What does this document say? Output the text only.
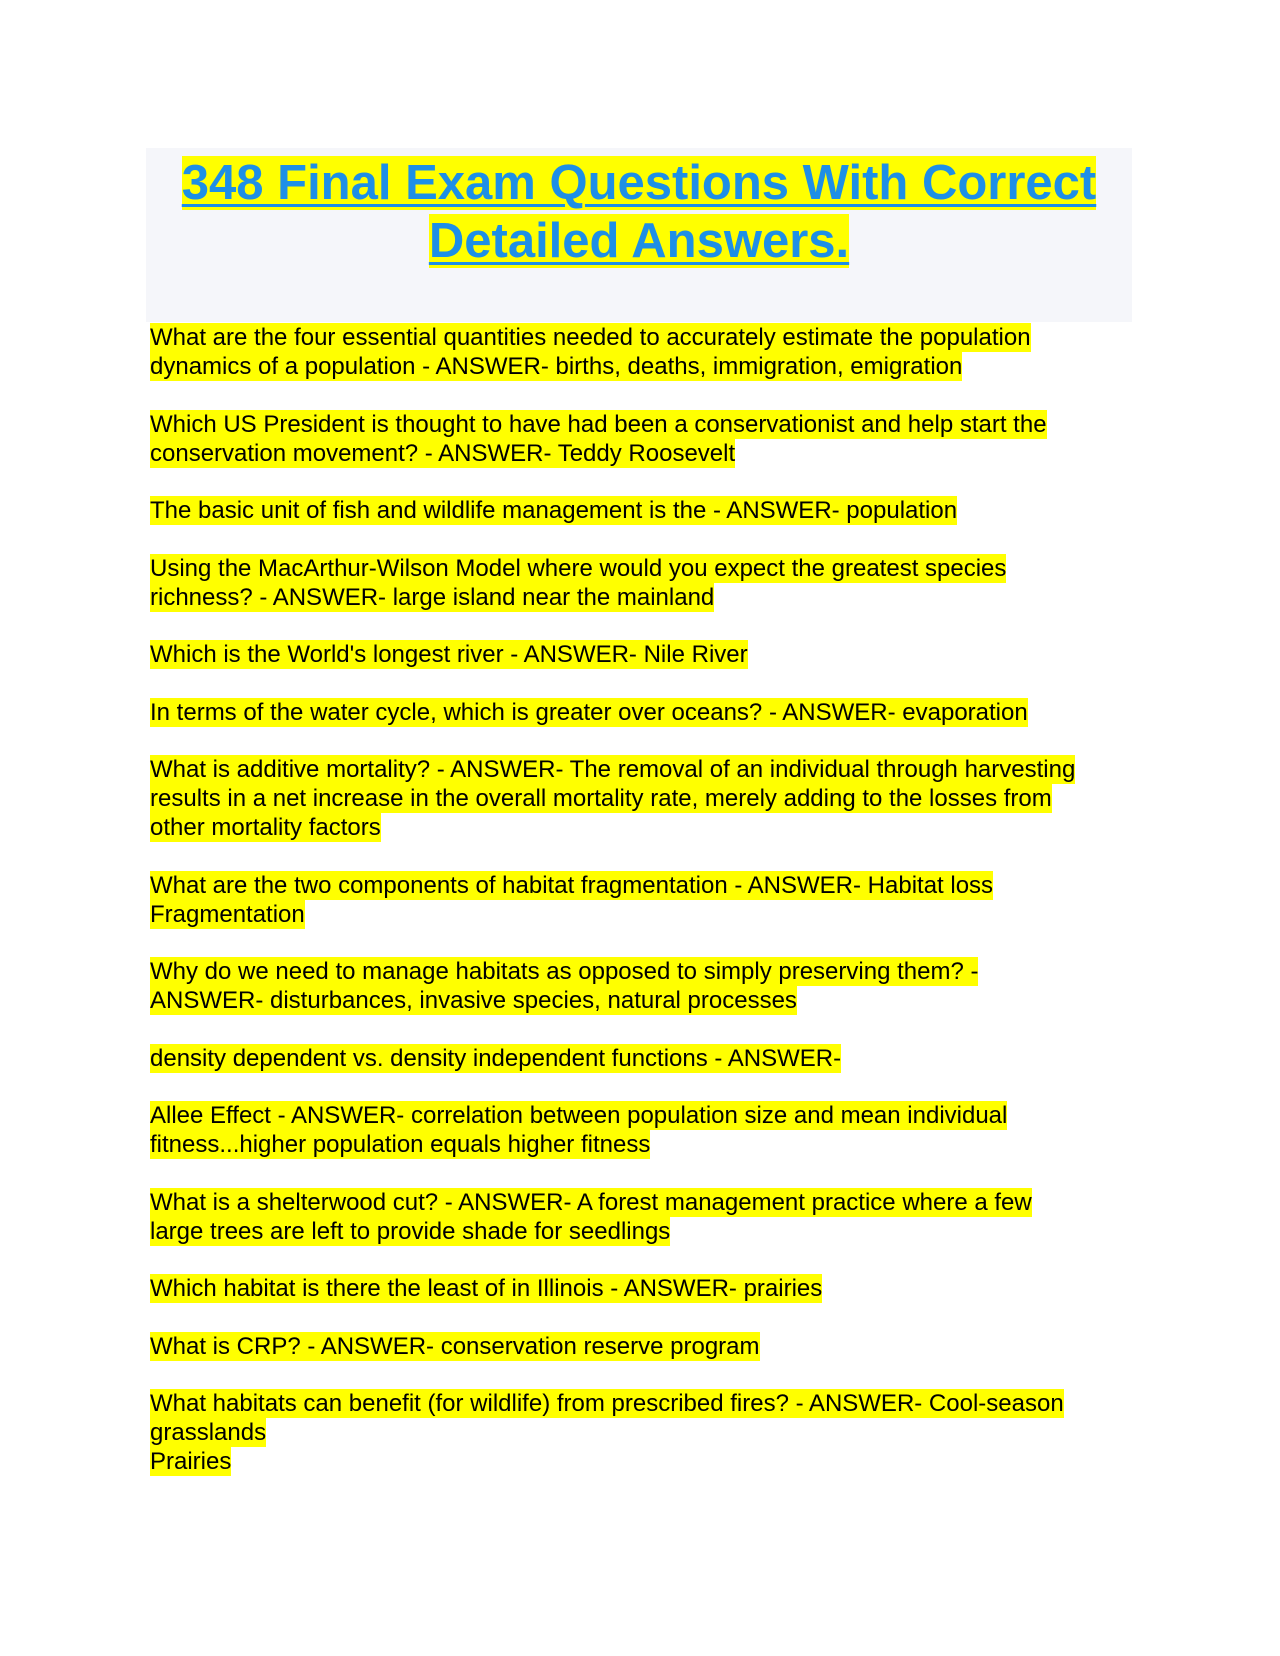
348 Final Exam Questions With Correct
Detailed Answers.
What are the four essential quantities needed to accurately estimate the population
dynamics of a population - ANSWER- births, deaths, immigration, emigration
Which US President is thought to have had been a conservationist and help start the
conservation movement? - ANSWER- Teddy Roosevelt
The basic unit of fish and wildlife management is the - ANSWER- population
Using the MacArthur-Wilson Model where would you expect the greatest species
richness? - ANSWER- large island near the mainland
Which is the World's longest river - ANSWER- Nile River
In terms of the water cycle, which is greater over oceans? - ANSWER- evaporation
What is additive mortality? - ANSWER- The removal of an individual through harvesting
results in a net increase in the overall mortality rate, merely adding to the losses from
other mortality factors
What are the two components of habitat fragmentation - ANSWER- Habitat loss
Fragmentation
Why do we need to manage habitats as opposed to simply preserving them? -
ANSWER- disturbances, invasive species, natural processes
density dependent vs. density independent functions - ANSWER-
Allee Effect - ANSWER- correlation between population size and mean individual
fitness...higher population equals higher fitness
What is a shelterwood cut? - ANSWER- A forest management practice where a few
large trees are left to provide shade for seedlings
Which habitat is there the least of in Illinois - ANSWER- prairies
What is CRP? - ANSWER- conservation reserve program
What habitats can benefit (for wildlife) from prescribed fires? - ANSWER- Cool-season
grasslands
Prairies
